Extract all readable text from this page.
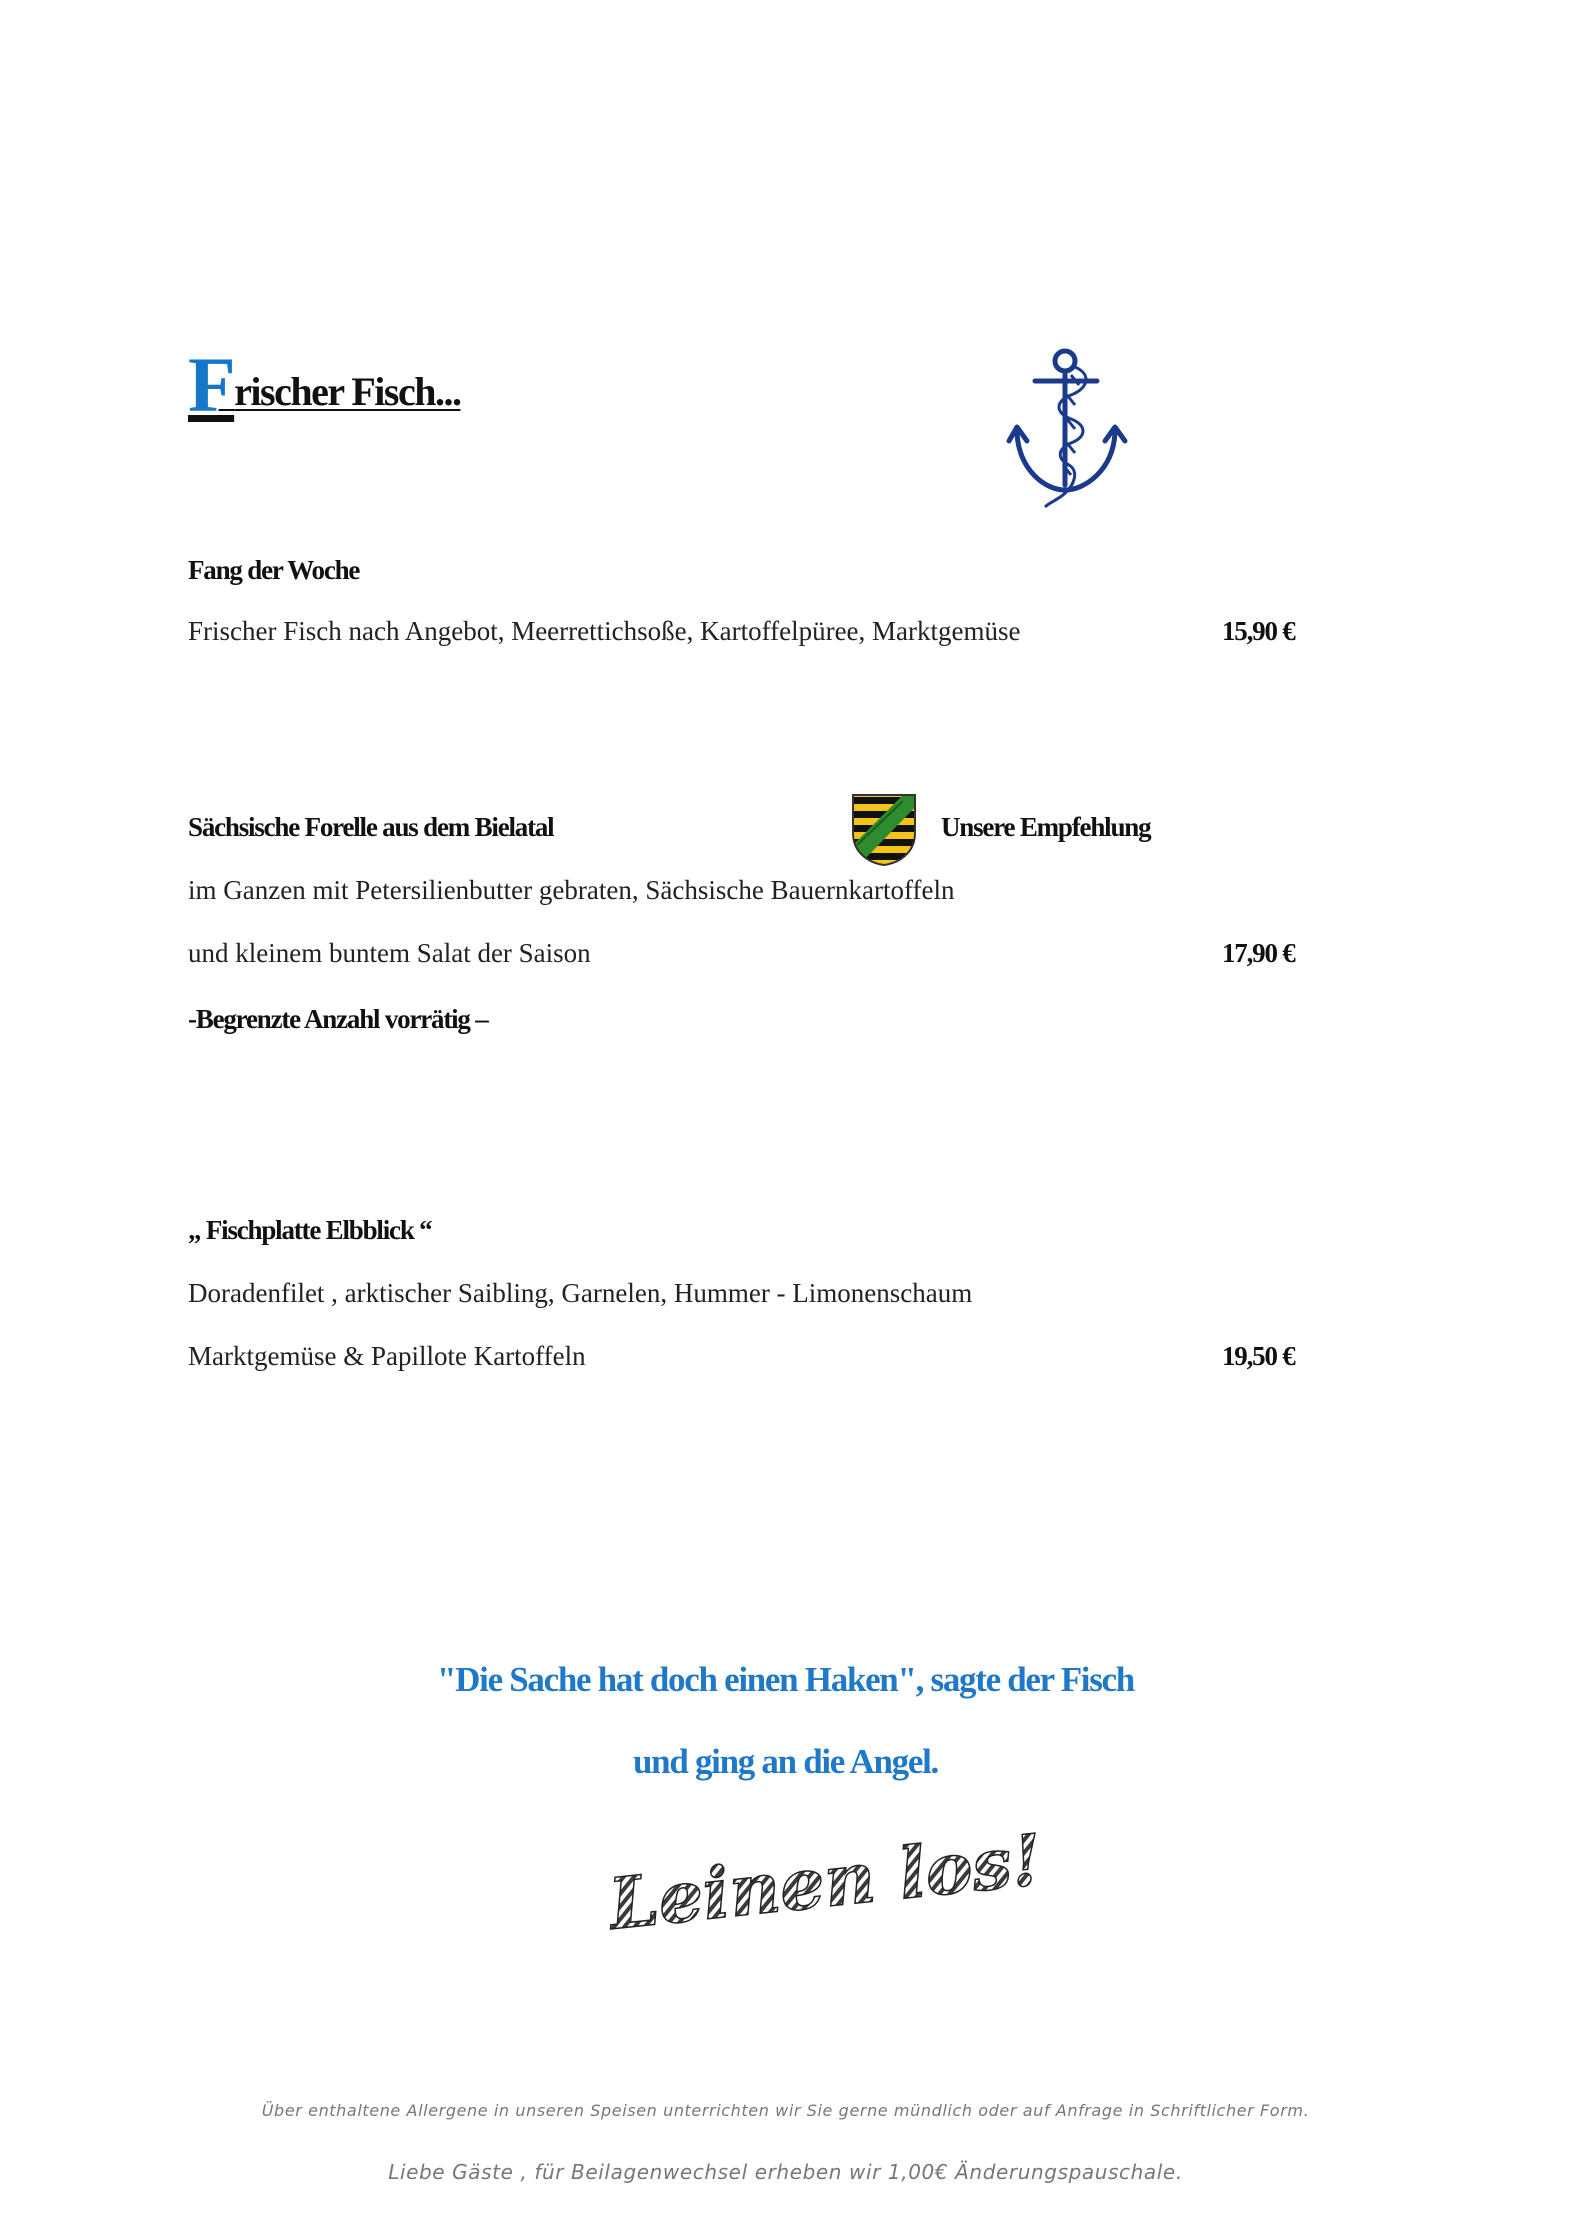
Frischer Fisch...
Fang der Woche
Frischer Fisch nach Angebot, Meerrettichsoße, Kartoffelpüree, Marktgemüse	15,90 €
Sächsische Forelle aus dem Bielatal	Unsere Empfehlung
im Ganzen mit Petersilienbutter gebraten, Sächsische Bauernkartoffeln
und kleinem buntem Salat der Saison	17,90 €
-Begrenzte Anzahl vorrätig –
„ Fischplatte Elbblick “
Doradenfilet , arktischer Saibling, Garnelen, Hummer - Limonenschaum
Marktgemüse & Papillote Kartoffeln	19,50 €
"Die Sache hat doch einen Haken", sagte der Fisch
und ging an die Angel.
Leinen los!
Über enthaltene Allergene in unseren Speisen unterrichten wir Sie gerne mündlich oder auf Anfrage in Schriftlicher Form.
Liebe Gäste , für Beilagenwechsel erheben wir 1,00€ Änderungspauschale.
